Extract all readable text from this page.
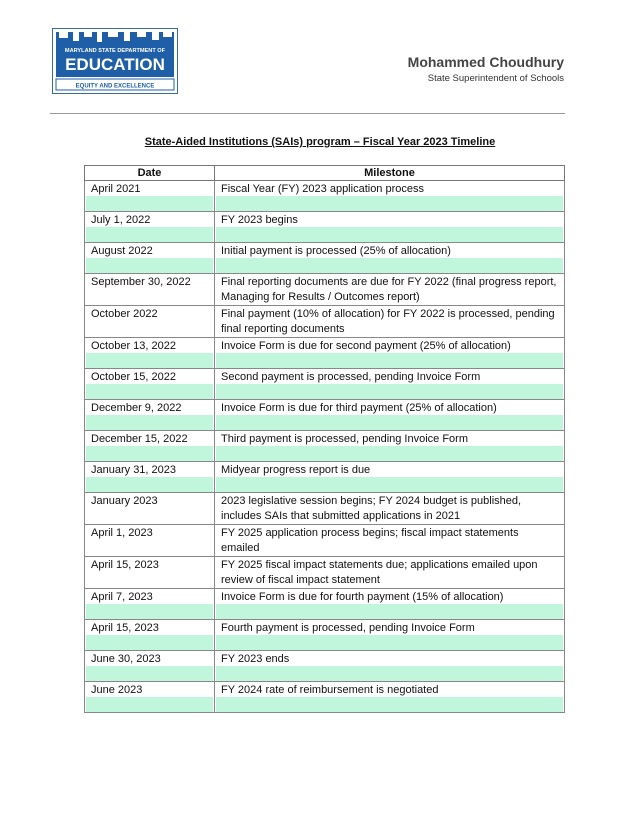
MARYLAND STATE DEPARTMENT OF
EDUCATION
EQUITY AND EXCELLENCE
Mohammed Choudhury
State Superintendent of Schools
State-Aided Institutions (SAIs) program – Fiscal Year 2023 Timeline
Date	Milestone

April 2021	Fiscal Year (FY) 2023 application process

July 1, 2022	FY 2023 begins

August 2022	Initial payment is processed (25% of allocation)

September 30, 2022	Final reporting documents are due for FY 2022 (final progress report, Managing for Results / Outcomes report)

October 2022	Final payment (10% of allocation) for FY 2022 is processed, pending final reporting documents

October 13, 2022	Invoice Form is due for second payment (25% of allocation)

October 15, 2022	Second payment is processed, pending Invoice Form

December 9, 2022	Invoice Form is due for third payment (25% of allocation)

December 15, 2022	Third payment is processed, pending Invoice Form

January 31, 2023	Midyear progress report is due

January 2023	2023 legislative session begins; FY 2024 budget is published, includes SAIs that submitted applications in 2021

April 1, 2023	FY 2025 application process begins; fiscal impact statements emailed

April 15, 2023	FY 2025 fiscal impact statements due; applications emailed upon review of fiscal impact statement

April 7, 2023	Invoice Form is due for fourth payment (15% of allocation)

April 15, 2023	Fourth payment is processed, pending Invoice Form

June 30, 2023	FY 2023 ends

June 2023	FY 2024 rate of reimbursement is negotiated
